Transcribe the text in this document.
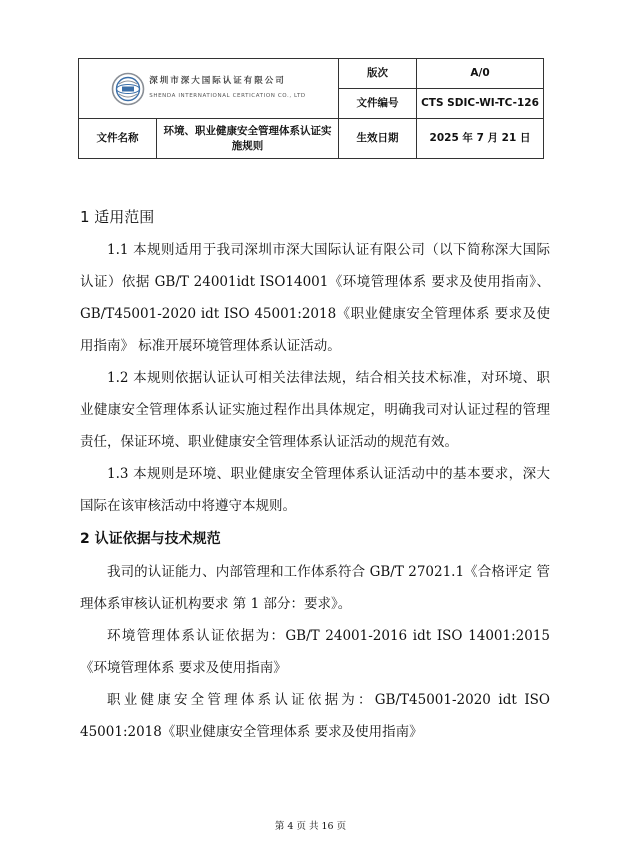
深圳市深大国际认证有限公司
SHENDA INTERNATIONAL CERTICATION CO., LTD		版次	A/0
		文件编号	CTS SDIC-WI-TC-126
文件名称	环境、职业健康安全管理体系认证实施规则	生效日期	2025 年 7 月 21 日

1 适用范围

1.1 本规则适用于我司深圳市深大国际认证有限公司（以下简称深大国际认证）依据 GB/T 24001idt ISO14001《环境管理体系 要求及使用指南》、GB/T45001-2020 idt ISO 45001:2018《职业健康安全管理体系 要求及使用指南》 标准开展环境管理体系认证活动。

1.2 本规则依据认证认可相关法律法规，结合相关技术标准，对环境、职业健康安全管理体系认证实施过程作出具体规定，明确我司对认证过程的管理责任，保证环境、职业健康安全管理体系认证活动的规范有效。

1.3 本规则是环境、职业健康安全管理体系认证活动中的基本要求，深大国际在该审核活动中将遵守本规则。

2 认证依据与技术规范

我司的认证能力、内部管理和工作体系符合 GB/T 27021.1《合格评定 管理体系审核认证机构要求 第 1 部分：要求》。

环境管理体系认证依据为：GB/T 24001-2016 idt ISO 14001:2015《环境管理体系 要求及使用指南》

职业健康安全管理体系认证依据为：GB/T45001-2020 idt ISO 45001:2018《职业健康安全管理体系 要求及使用指南》

第 4 页 共 16 页
